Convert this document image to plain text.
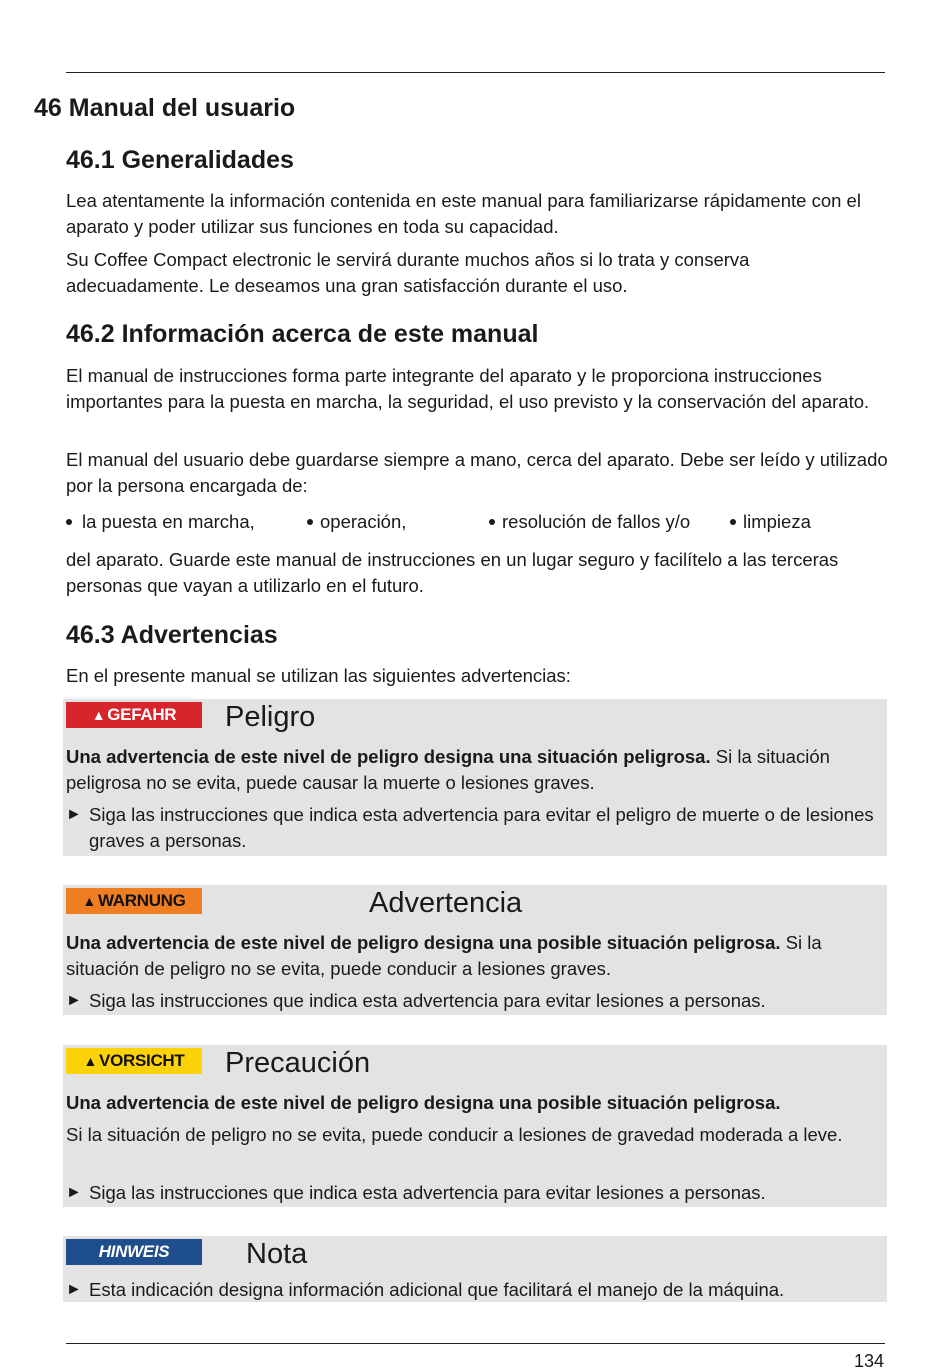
46 Manual del usuario
46.1 Generalidades
Lea atentamente la información contenida en este manual para familiarizarse rápidamente con el aparato y poder utilizar sus funciones en toda su capacidad.
Su Coffee Compact electronic le servirá durante muchos años si lo trata y conserva adecuadamente. Le deseamos una gran satisfacción durante el uso.
46.2 Información acerca de este manual
El manual de instrucciones forma parte integrante del aparato y le proporciona instrucciones importantes para la puesta en marcha, la seguridad, el uso previsto y la conservación del aparato.
El manual del usuario debe guardarse siempre a mano, cerca del aparato. Debe ser leído y utilizado por la persona encargada de:
la puesta en marcha,	operación,	resolución de fallos y/o	limpieza
del aparato. Guarde este manual de instrucciones en un lugar seguro y facilítelo a las terceras personas que vayan a utilizarlo en el futuro.
46.3 Advertencias
En el presente manual se utilizan las siguientes advertencias:
▲ GEFAHR Peligro
Una advertencia de este nivel de peligro designa una situación peligrosa. Si la situación peligrosa no se evita, puede causar la muerte o lesiones graves.
► Siga las instrucciones que indica esta advertencia para evitar el peligro de muerte o de lesiones graves a personas.
▲ WARNUNG	Advertencia
Una advertencia de este nivel de peligro designa una posible situación peligrosa. Si la situación de peligro no se evita, puede conducir a lesiones graves.
► Siga las instrucciones que indica esta advertencia para evitar lesiones a personas.
▲ VORSICHT Precaución
Una advertencia de este nivel de peligro designa una posible situación peligrosa.
Si la situación de peligro no se evita, puede conducir a lesiones de gravedad moderada a leve.
► Siga las instrucciones que indica esta advertencia para evitar lesiones a personas.
HINWEIS	Nota
► Esta indicación designa información adicional que facilitará el manejo de la máquina.
134
